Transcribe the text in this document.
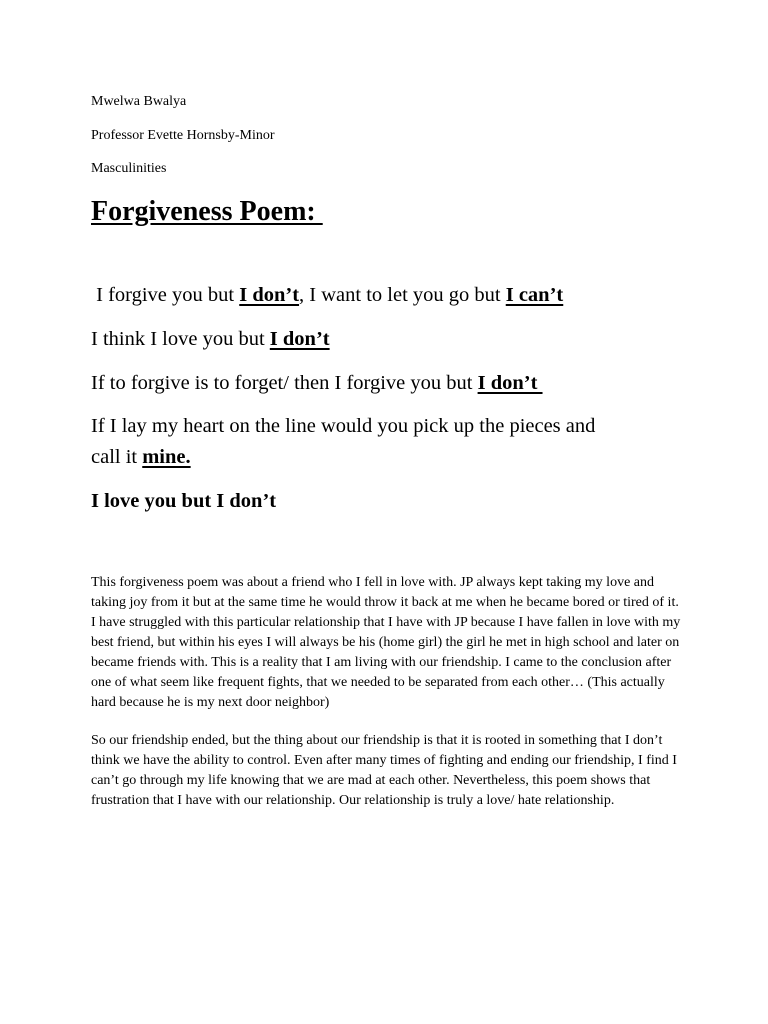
Mwelwa Bwalya
Professor Evette Hornsby-Minor
Masculinities
Forgiveness Poem:
I forgive you but I don’t, I want to let you go but I can’t
I think I love you but I don’t
If to forgive is to forget/ then I forgive you but I don’t
If I lay my heart on the line would you pick up the pieces and
call it mine.
I love you but I don’t

This forgiveness poem was about a friend who I fell in love with. JP always kept taking my love and taking joy from it but at the same time he would throw it back at me when he became bored or tired of it. I have struggled with this particular relationship that I have with JP because I have fallen in love with my best friend, but within his eyes I will always be his (home girl) the girl he met in high school and later on became friends with. This is a reality that I am living with our friendship. I came to the conclusion after one of what seem like frequent fights, that we needed to be separated from each other… (This actually hard because he is my next door neighbor)

So our friendship ended, but the thing about our friendship is that it is rooted in something that I don’t think we have the ability to control. Even after many times of fighting and ending our friendship, I find I can’t go through my life knowing that we are mad at each other. Nevertheless, this poem shows that frustration that I have with our relationship. Our relationship is truly a love/ hate relationship.
